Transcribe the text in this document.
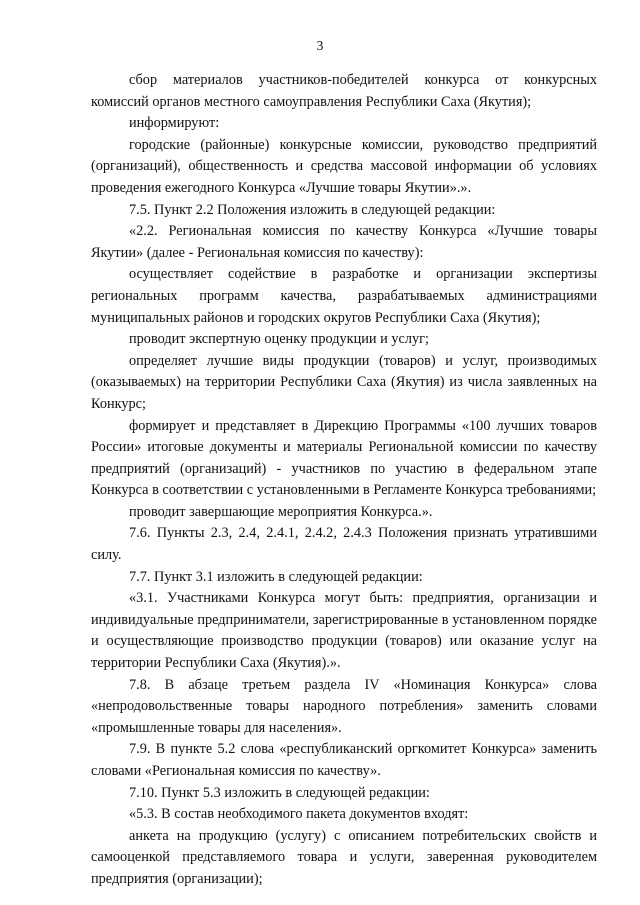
3

сбор материалов участников-победителей конкурса от конкурсных комиссий органов местного самоуправления Республики Саха (Якутия);

информируют:

городские (районные) конкурсные комиссии, руководство предприятий (организаций), общественность и средства массовой информации об условиях проведения ежегодного Конкурса «Лучшие товары Якутии».».

7.5. Пункт 2.2 Положения изложить в следующей редакции:

«2.2. Региональная комиссия по качеству Конкурса «Лучшие товары Якутии» (далее - Региональная комиссия по качеству):

осуществляет содействие в разработке и организации экспертизы региональных программ качества, разрабатываемых администрациями муниципальных районов и городских округов Республики Саха (Якутия);

проводит экспертную оценку продукции и услуг;

определяет лучшие виды продукции (товаров) и услуг, производимых (оказываемых) на территории Республики Саха (Якутия) из числа заявленных на Конкурс;

формирует и представляет в Дирекцию Программы «100 лучших товаров России» итоговые документы и материалы Региональной комиссии по качеству предприятий (организаций) - участников по участию в федеральном этапе Конкурса в соответствии с установленными в Регламенте Конкурса требованиями;

проводит завершающие мероприятия Конкурса.».

7.6. Пункты 2.3, 2.4, 2.4.1, 2.4.2, 2.4.3 Положения признать утратившими силу.

7.7. Пункт 3.1 изложить в следующей редакции:

«3.1. Участниками Конкурса могут быть: предприятия, организации и индивидуальные предприниматели, зарегистрированные в установленном порядке и осуществляющие производство продукции (товаров) или оказание услуг на территории Республики Саха (Якутия).».

7.8. В абзаце третьем раздела IV «Номинация Конкурса» слова «непродовольственные товары народного потребления» заменить словами «промышленные товары для населения».

7.9. В пункте 5.2 слова «республиканский оргкомитет Конкурса» заменить словами «Региональная комиссия по качеству».

7.10. Пункт 5.3 изложить в следующей редакции:

«5.3. В состав необходимого пакета документов входят:

анкета на продукцию (услугу) с описанием потребительских свойств и самооценкой представляемого товара и услуги, заверенная руководителем предприятия (организации);
